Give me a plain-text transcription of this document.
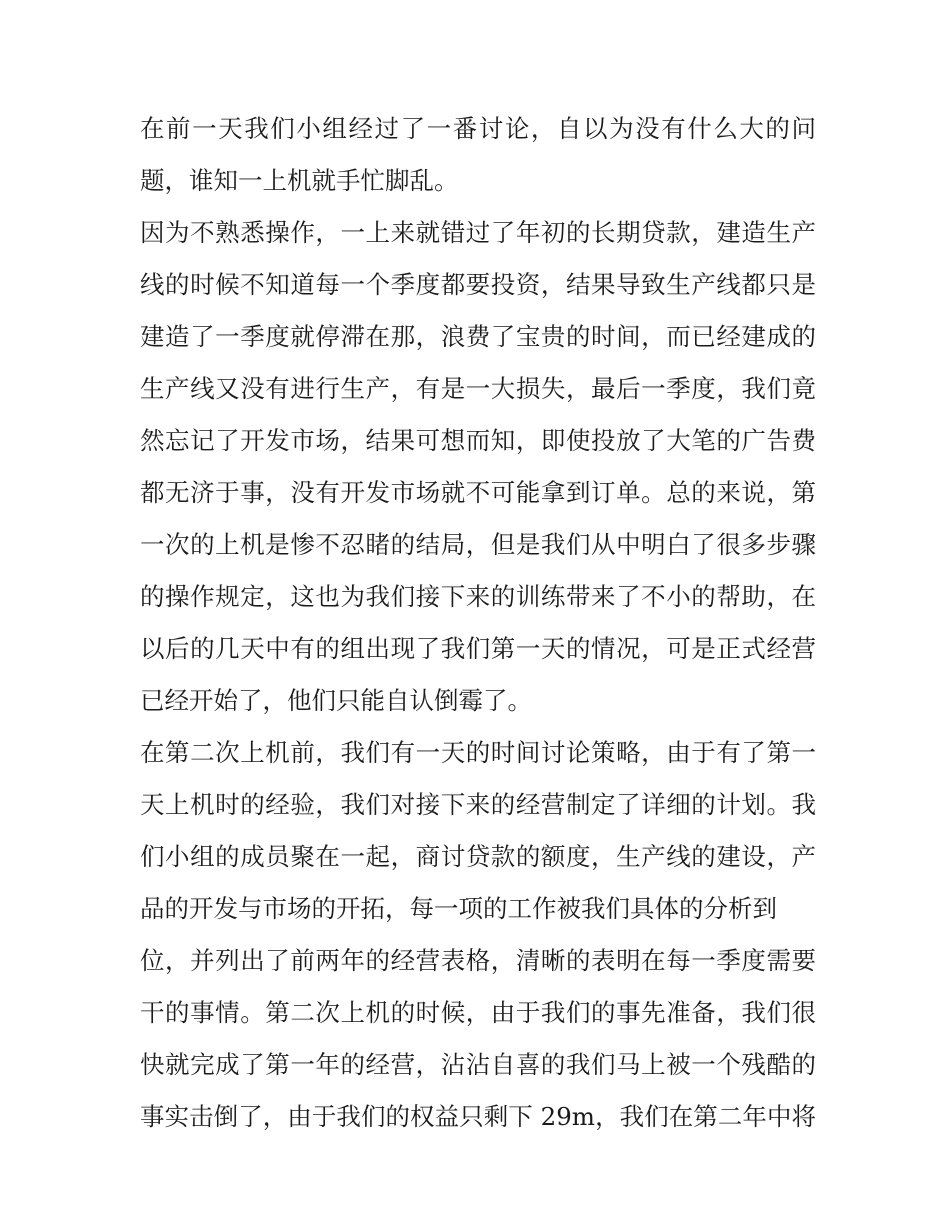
在前一天我们小组经过了一番讨论，自以为没有什么大的问
题，谁知一上机就手忙脚乱。
因为不熟悉操作，一上来就错过了年初的长期贷款，建造生产
线的时候不知道每一个季度都要投资，结果导致生产线都只是
建造了一季度就停滞在那，浪费了宝贵的时间，而已经建成的
生产线又没有进行生产，有是一大损失，最后一季度，我们竟
然忘记了开发市场，结果可想而知，即使投放了大笔的广告费
都无济于事，没有开发市场就不可能拿到订单。总的来说，第
一次的上机是惨不忍睹的结局，但是我们从中明白了很多步骤
的操作规定，这也为我们接下来的训练带来了不小的帮助，在
以后的几天中有的组出现了我们第一天的情况，可是正式经营
已经开始了，他们只能自认倒霉了。
在第二次上机前，我们有一天的时间讨论策略，由于有了第一
天上机时的经验，我们对接下来的经营制定了详细的计划。我
们小组的成员聚在一起，商讨贷款的额度，生产线的建设，产
品的开发与市场的开拓，每一项的工作被我们具体的分析到
位，并列出了前两年的经营表格，清晰的表明在每一季度需要
干的事情。第二次上机的时候，由于我们的事先准备，我们很
快就完成了第一年的经营，沾沾自喜的我们马上被一个残酷的
事实击倒了，由于我们的权益只剩下 29m，我们在第二年中将
